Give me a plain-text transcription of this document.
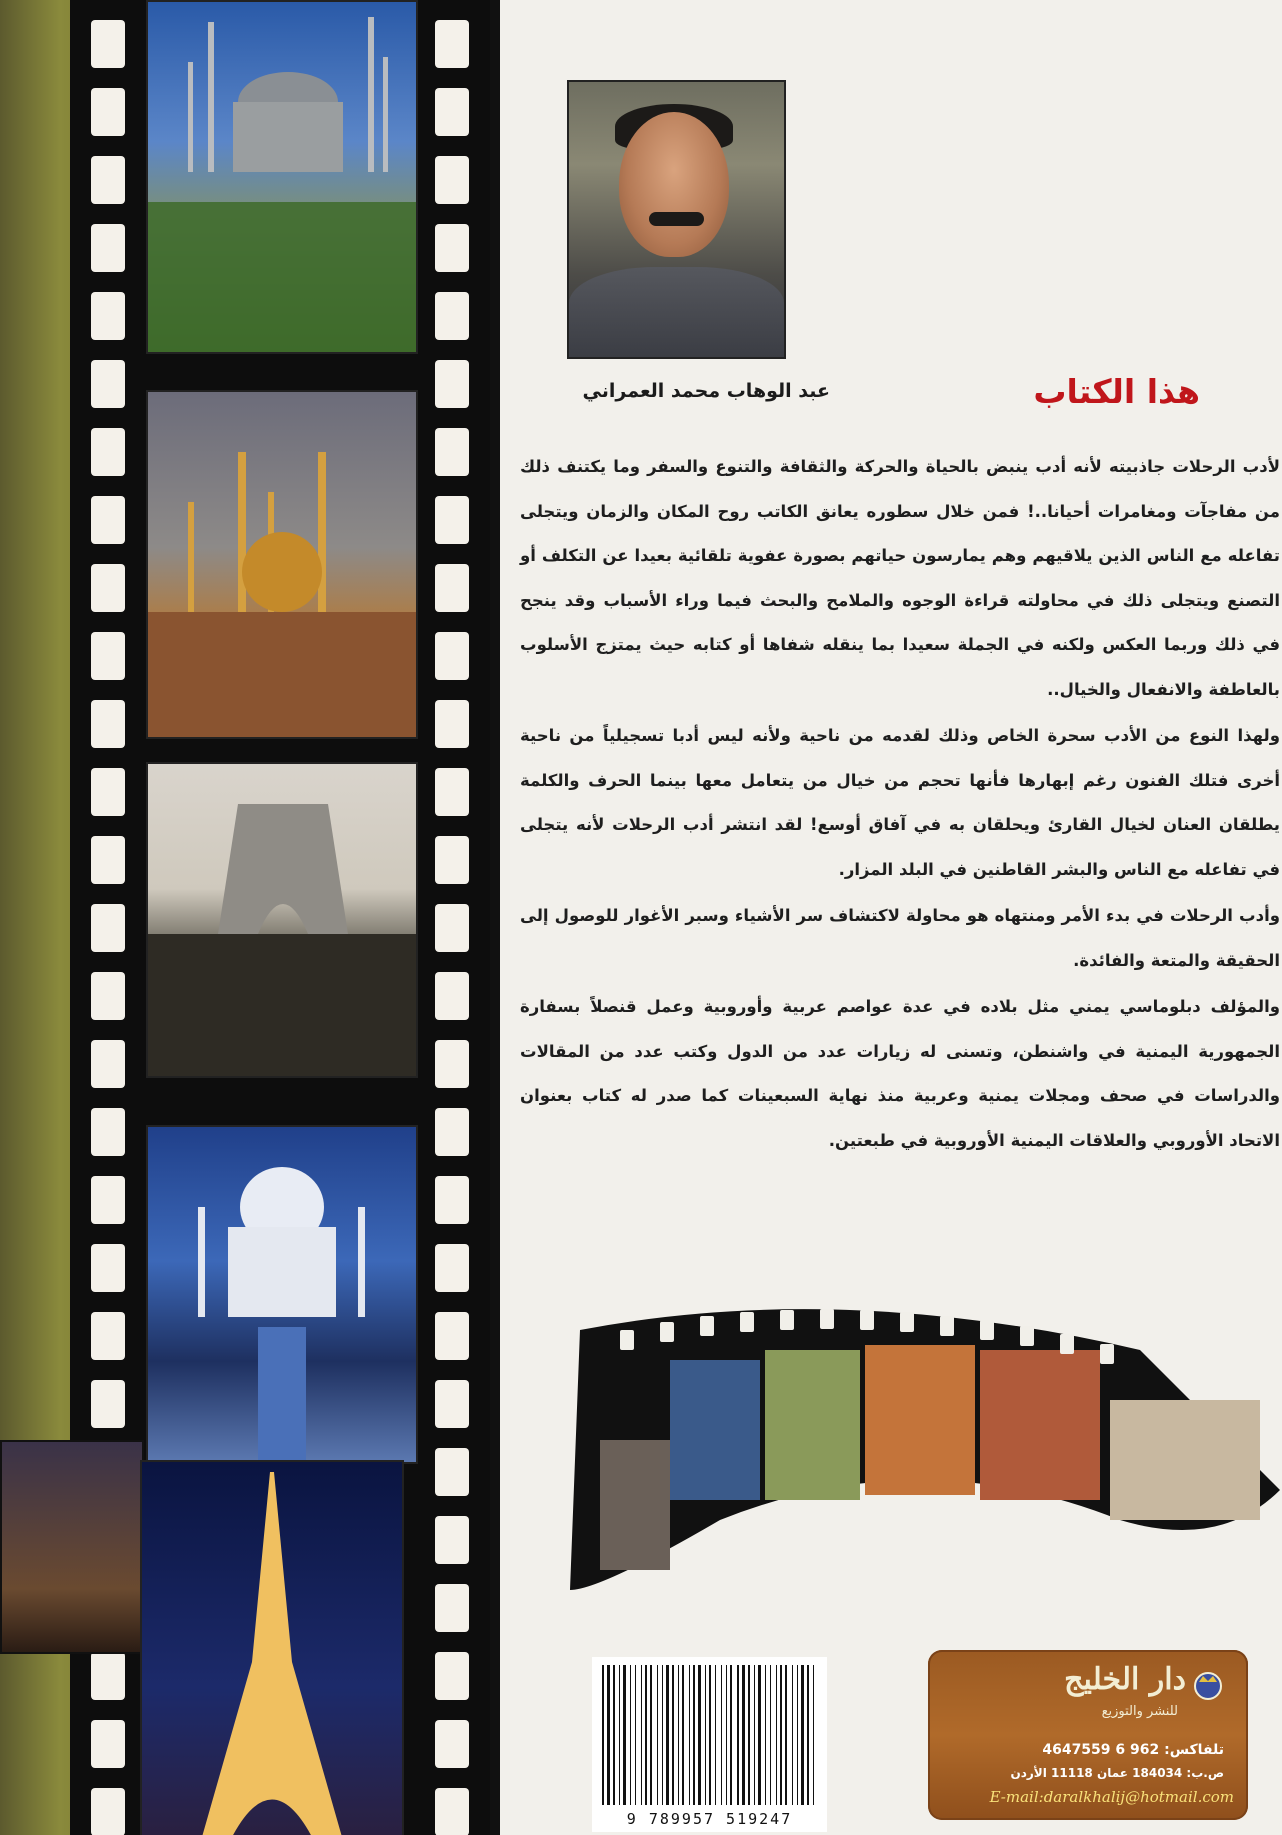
عبد الوهاب محمد العمراني	هذا الكتاب

لأدب الرحلات جاذبيته لأنه أدب ينبض بالحياة والحركة والثقافة والتنوع والسفر وما يكتنف ذلك من مفاجآت ومغامرات أحيانا..! فمن خلال سطوره يعانق الكاتب روح المكان والزمان ويتجلى تفاعله مع الناس الذين يلاقيهم وهم يمارسون حياتهم بصورة عفوية تلقائية بعيدا عن التكلف أو التصنع ويتجلى ذلك في محاولته قراءة الوجوه والملامح والبحث فيما وراء الأسباب وقد ينجح في ذلك وربما العكس ولكنه في الجملة سعيدا بما ينقله شفاها أو كتابه حيث يمتزج الأسلوب بالعاطفة والانفعال والخيال..

ولهذا النوع من الأدب سحرة الخاص وذلك لقدمه من ناحية ولأنه ليس أدبا تسجيلياً من ناحية أخرى فتلك الفنون رغم إبهارها فأنها تحجم من خيال من يتعامل معها بينما الحرف والكلمة يطلقان العنان لخيال القارئ ويحلقان به في آفاق أوسع! لقد انتشر أدب الرحلات لأنه يتجلى في تفاعله مع الناس والبشر القاطنين في البلد المزار.

وأدب الرحلات في بدء الأمر ومنتهاه هو محاولة لاكتشاف سر الأشياء وسبر الأغوار للوصول إلى الحقيقة والمتعة والفائدة.

والمؤلف دبلوماسي يمني مثل بلاده في عدة عواصم عربية وأوروبية وعمل قنصلاً بسفارة الجمهورية اليمنية في واشنطن، وتسنى له زيارات عدد من الدول وكتب عدد من المقالات والدراسات في صحف ومجلات يمنية وعربية منذ نهاية السبعينات كما صدر له كتاب بعنوان الاتحاد الأوروبي والعلاقات اليمنية الأوروبية في طبعتين.

9 789957 519247
دار الخليج
للنشر والتوزيع
تلفاكس: 962 6 4647559
ص.ب: 184034 عمان 11118 الأردن
E-mail:daralkhalij@hotmail.com
